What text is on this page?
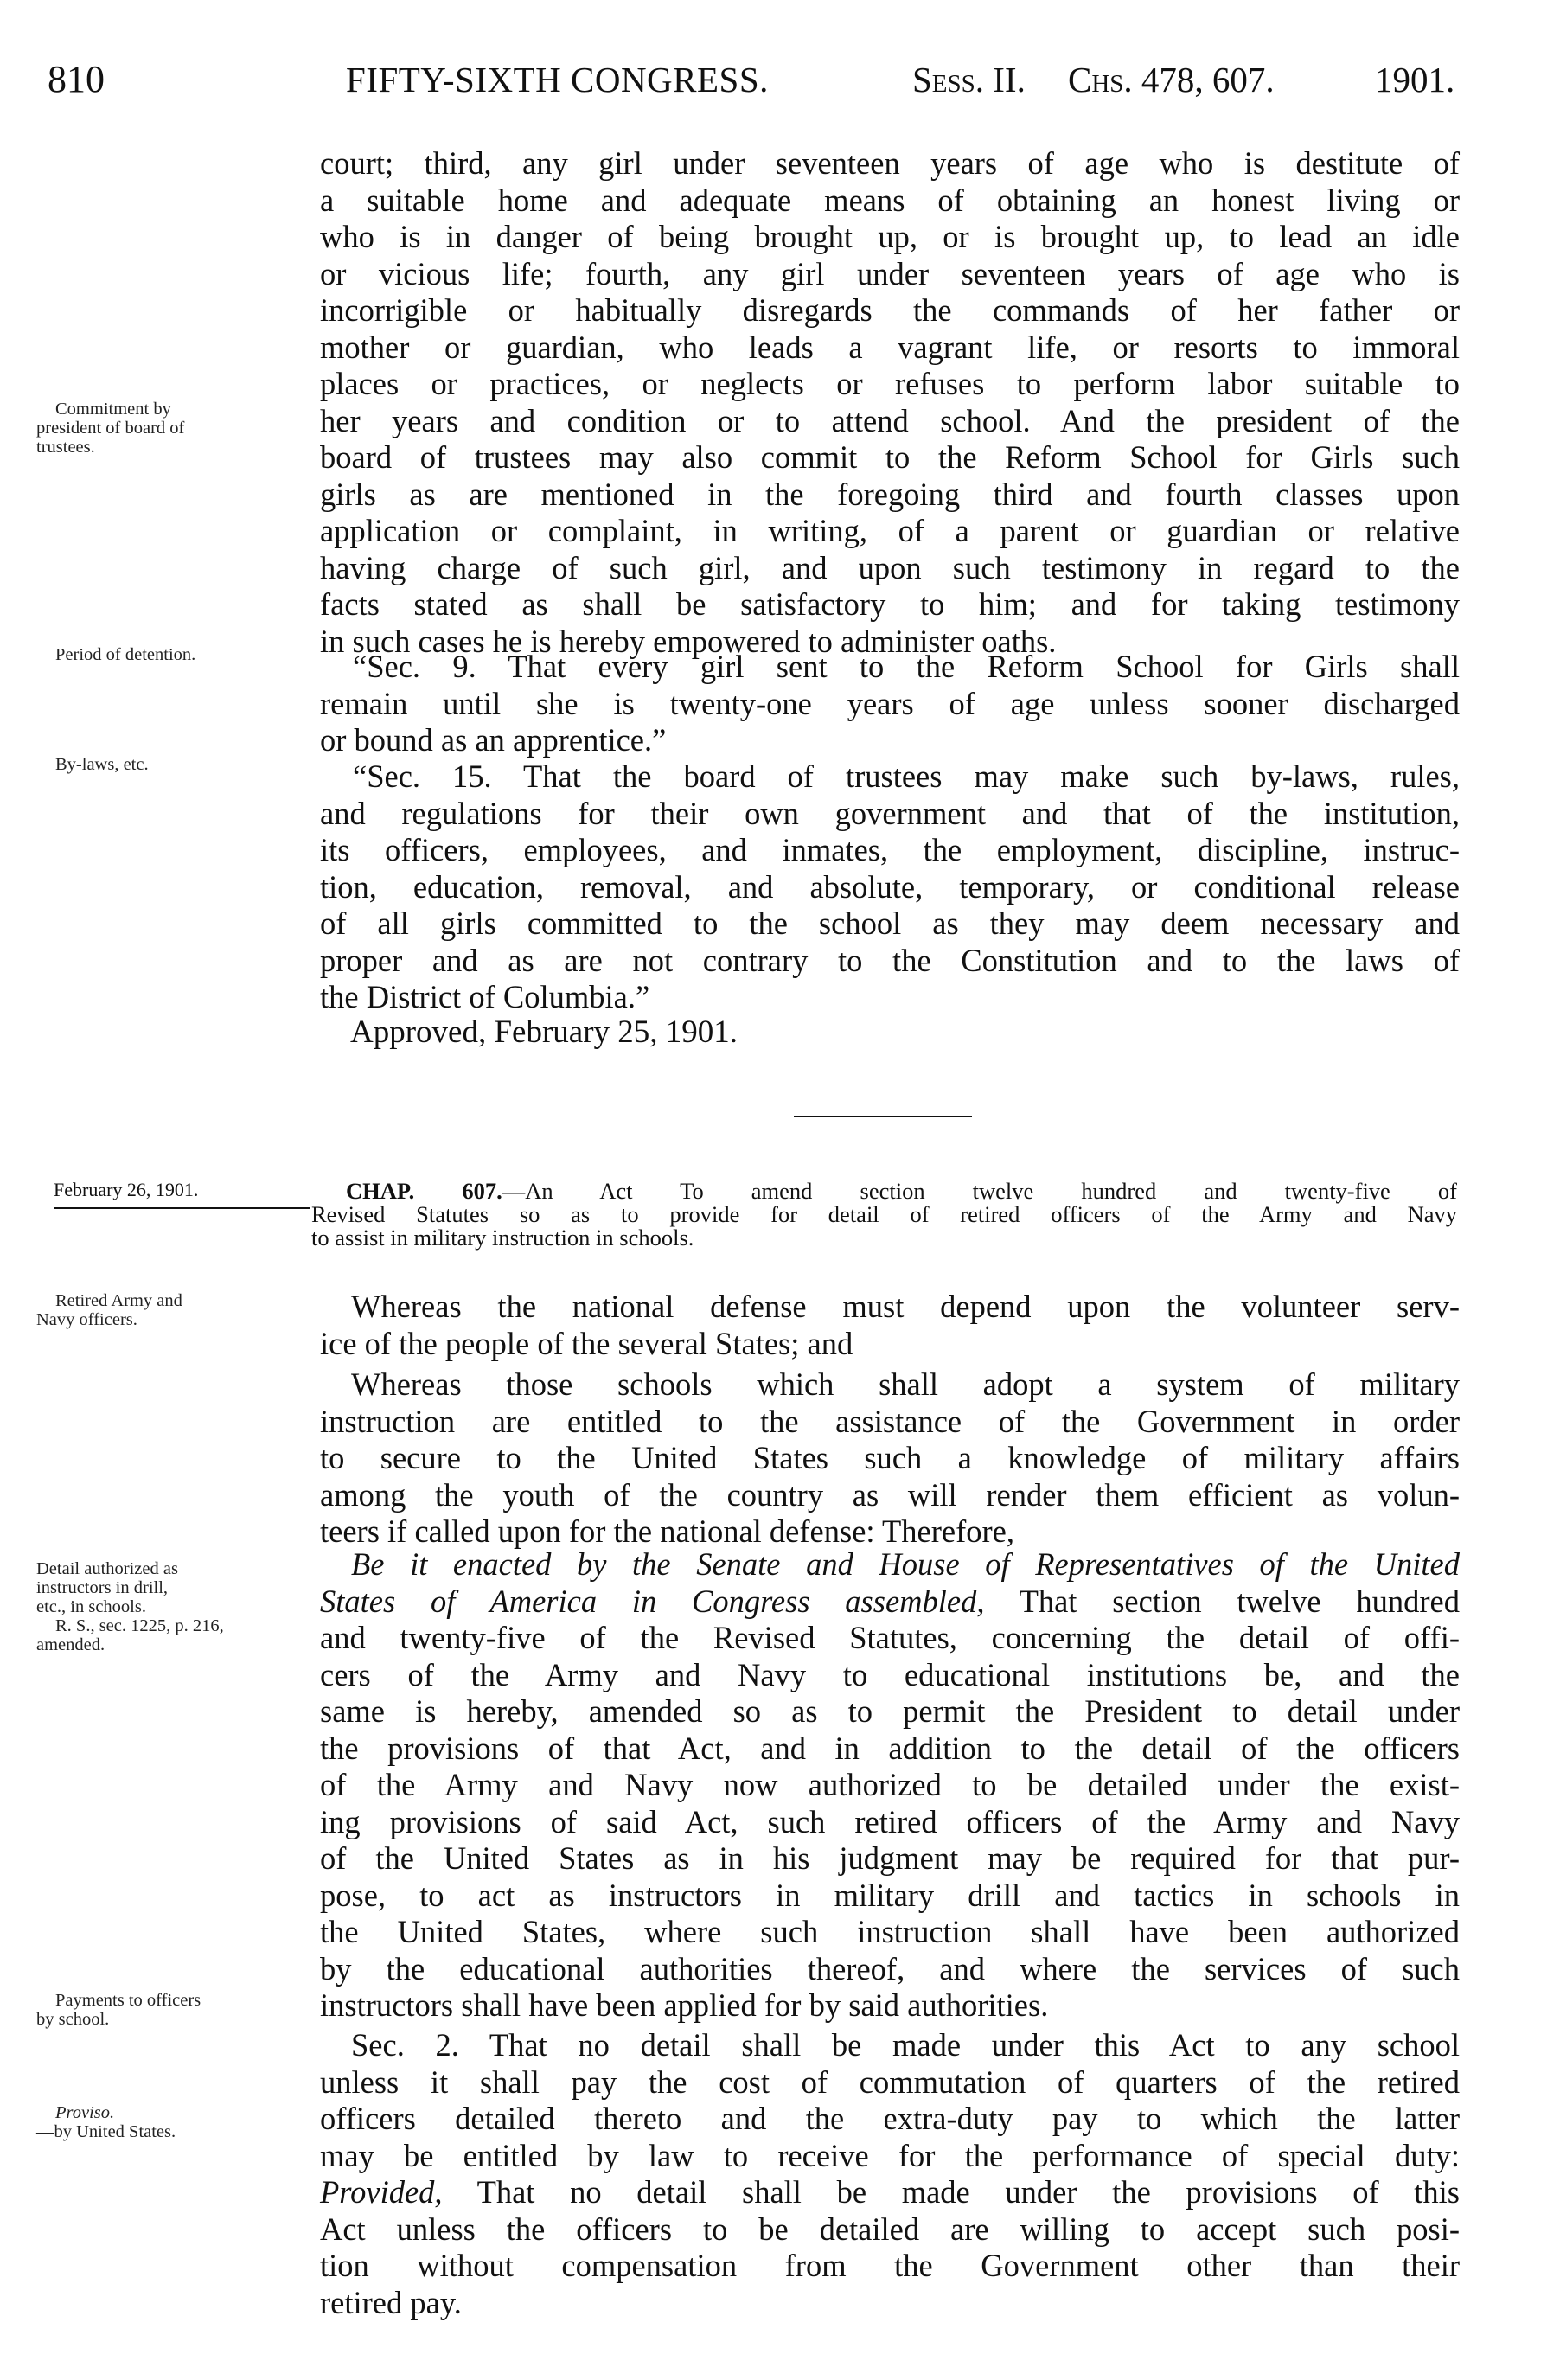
810	FIFTY-SIXTH CONGRESS.	Sess. II. Chs. 478, 607.	1901.
Commitment by
president of board of
trustees.
Period of detention.
By-laws, etc.
court; third, any girl under seventeen years of age who is destitute of
a suitable home and adequate means of obtaining an honest living or
who is in danger of being brought up, or is brought up, to lead an idle
or vicious life; fourth, any girl under seventeen years of age who is
incorrigible or habitually disregards the commands of her father or
mother or guardian, who leads a vagrant life, or resorts to immoral
places or practices, or neglects or refuses to perform labor suitable to
her years and condition or to attend school. And the president of the
board of trustees may also commit to the Reform School for Girls such
girls as are mentioned in the foregoing third and fourth classes upon
application or complaint, in writing, of a parent or guardian or relative
having charge of such girl, and upon such testimony in regard to the
facts stated as shall be satisfactory to him; and for taking testimony
in such cases he is hereby empowered to administer oaths.
“Sec. 9. That every girl sent to the Reform School for Girls shall
remain until she is twenty-one years of age unless sooner discharged
or bound as an apprentice.”
“Sec. 15. That the board of trustees may make such by-laws, rules,
and regulations for their own government and that of the institution,
its officers, employees, and inmates, the employment, discipline, instruc-
tion, education, removal, and absolute, temporary, or conditional release
of all girls committed to the school as they may deem necessary and
proper and as are not contrary to the Constitution and to the laws of
the District of Columbia.”
Approved, February 25, 1901.
February 26, 1901.	CHAP. 607.—An Act To amend section twelve hundred and twenty-five of
Revised Statutes so as to provide for detail of retired officers of the Army and Navy
to assist in military instruction in schools.
Retired Army and
Navy officers.
Detail authorized as
instructors in drill,
etc., in schools.
R. S., sec. 1225, p. 216,
amended.
Payments to officers
by school.
Proviso.
—by United States.
Whereas the national defense must depend upon the volunteer serv-
ice of the people of the several States; and
Whereas those schools which shall adopt a system of military
instruction are entitled to the assistance of the Government in order
to secure to the United States such a knowledge of military affairs
among the youth of the country as will render them efficient as volun-
teers if called upon for the national defense: Therefore,
Be it enacted by the Senate and House of Representatives of the United
States of America in Congress assembled, That section twelve hundred
and twenty-five of the Revised Statutes, concerning the detail of offi-
cers of the Army and Navy to educational institutions be, and the
same is hereby, amended so as to permit the President to detail under
the provisions of that Act, and in addition to the detail of the officers
of the Army and Navy now authorized to be detailed under the exist-
ing provisions of said Act, such retired officers of the Army and Navy
of the United States as in his judgment may be required for that pur-
pose, to act as instructors in military drill and tactics in schools in
the United States, where such instruction shall have been authorized
by the educational authorities thereof, and where the services of such
instructors shall have been applied for by said authorities.
Sec. 2. That no detail shall be made under this Act to any school
unless it shall pay the cost of commutation of quarters of the retired
officers detailed thereto and the extra-duty pay to which the latter
may be entitled by law to receive for the performance of special duty:
Provided, That no detail shall be made under the provisions of this
Act unless the officers to be detailed are willing to accept such posi-
tion without compensation from the Government other than their
retired pay.
